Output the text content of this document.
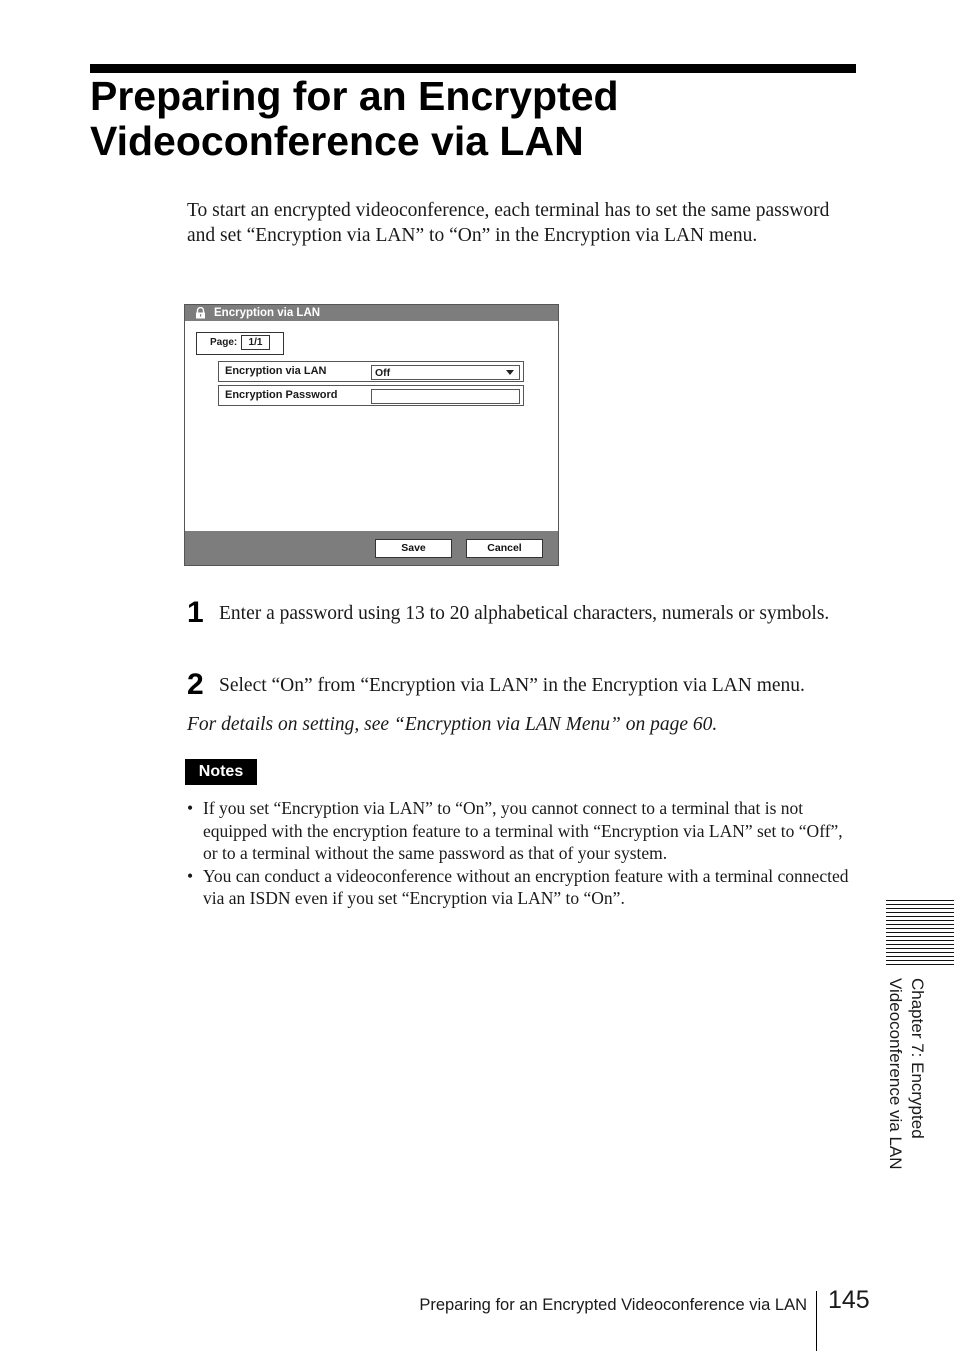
Preparing for an Encrypted Videoconference via LAN

To start an encrypted videoconference, each terminal has to set the same password and set “Encryption via LAN” to “On” in the Encryption via LAN menu.

Encryption via LAN
Page:	1/1
Encryption via LAN	Off
Encryption Password
Save	Cancel
1 Enter a password using 13 to 20 alphabetical characters, numerals or symbols.
2 Select “On” from “Encryption via LAN” in the Encryption via LAN menu.
For details on setting, see “Encryption via LAN Menu” on page 60.
Notes
• If you set “Encryption via LAN” to “On”, you cannot connect to a terminal that is not equipped with the encryption feature to a terminal with “Encryption via LAN” set to “Off”, or to a terminal without the same password as that of your system.
• You can conduct a videoconference without an encryption feature with a terminal connected via an ISDN even if you set “Encryption via LAN” to “On”.
Chapter 7: Encrypted
Videoconference via LAN
Preparing for an Encrypted Videoconference via LAN 145
